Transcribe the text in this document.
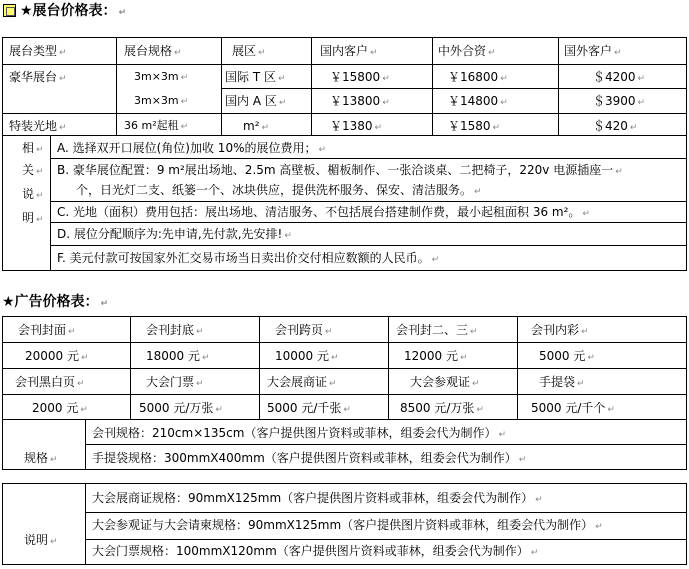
★展台价格表： ↵
展台类型 ↵	展台规格 ↵	展区 ↵	国内客户 ↵	中外合资 ↵	国外客户 ↵
豪华展台 ↵	3m×3m ↵	国际 T 区 ↵	￥15800 ↵	￥16800 ↵	＄4200 ↵
3m×3m ↵	国内 A 区 ↵	￥13800 ↵	￥14800 ↵	＄3900 ↵
特装光地 ↵	36 m²起租 ↵	m² ↵	￥1380 ↵	￥1580 ↵	＄420 ↵
相 ↵
关 ↵
说 ↵
明 ↵
A. 选择双开口展位(角位)加收 10%的展位费用； ↵
B. 豪华展位配置：9 m²展出场地、2.5m 高壁板、楣板制作、一张洽谈桌、二把椅子，220v 电源插座一 ↵
个，日光灯二支、纸篓一个、冰块供应，提供洗杯服务、保安、清洁服务。 ↵
C. 光地（面积）费用包括：展出场地、清洁服务、不包括展台搭建制作费，最小起租面积 36 m²。 ↵
D. 展位分配顺序为:先申请,先付款,先安排! ↵
F. 美元付款可按国家外汇交易市场当日卖出价交付相应数额的人民币。 ↵
★广告价格表： ↵
会刊封面 ↵	会刊封底 ↵	会刊跨页 ↵	会刊封二、三 ↵	会刊内彩 ↵
20000 元 ↵	18000 元 ↵	10000 元 ↵	12000 元 ↵	5000 元 ↵
会刊黑白页 ↵	大会门票 ↵	大会展商证 ↵	大会参观证 ↵	手提袋 ↵
2000 元 ↵	5000 元/万张 ↵	5000 元/千张 ↵	8500 元/万张 ↵	5000 元/千个 ↵
规格 ↵
会刊规格：210cm×135cm（客户提供图片资料或菲林，组委会代为制作） ↵
手提袋规格：300mmX400mm（客户提供图片资料或菲林，组委会代为制作） ↵
说明 ↵
大会展商证规格：90mmX125mm（客户提供图片资料或菲林，组委会代为制作） ↵
大会参观证与大会请柬规格：90mmX125mm（客户提供图片资料或菲林，组委会代为制作） ↵
大会门票规格：100mmX120mm（客户提供图片资料或菲林，组委会代为制作） ↵
